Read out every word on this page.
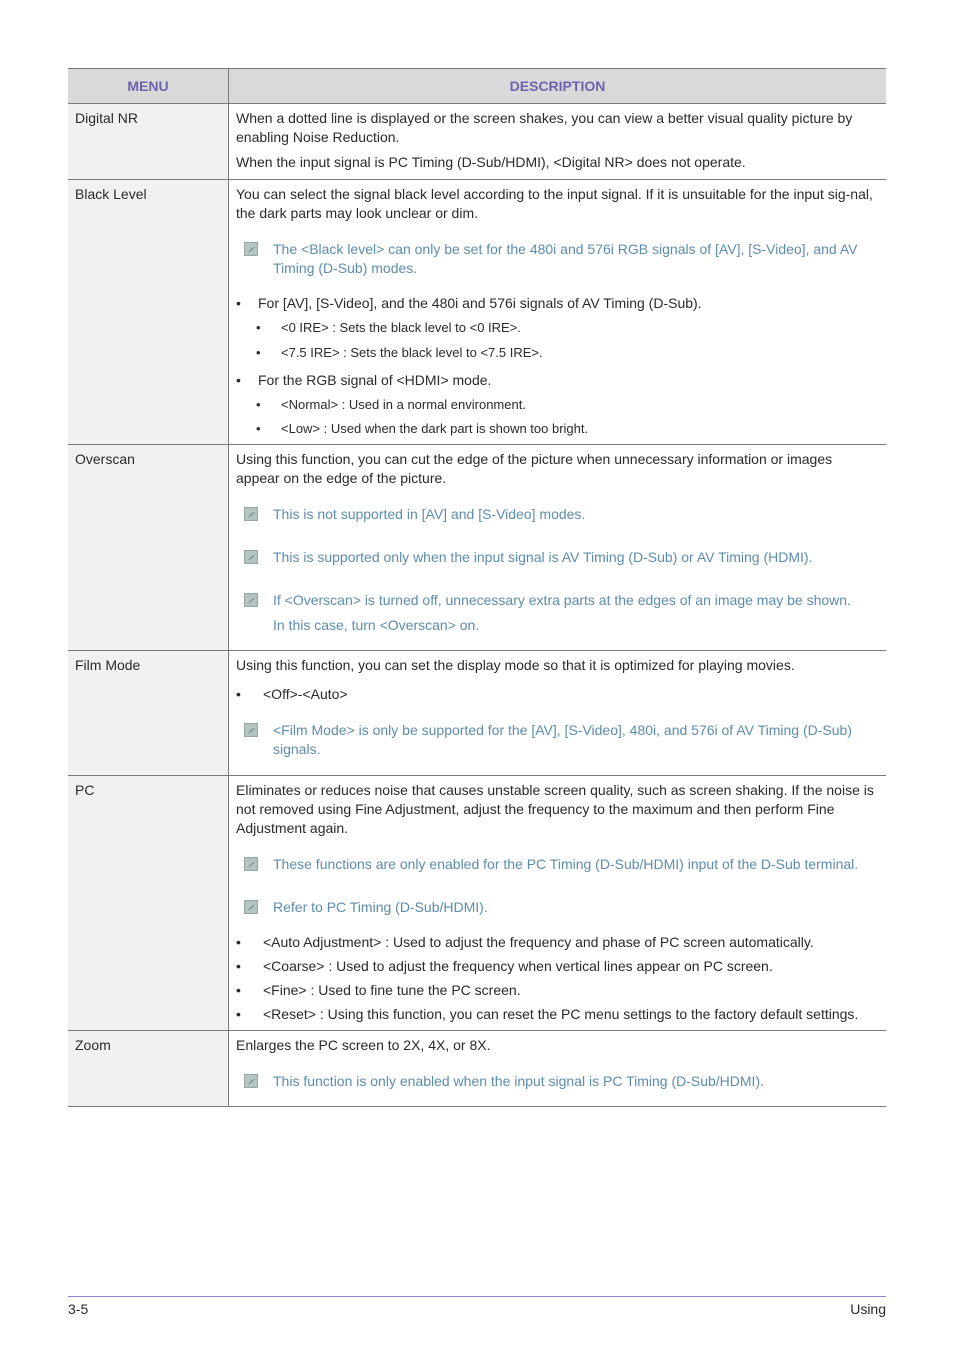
MENU	DESCRIPTION
Digital NR	When a dotted line is displayed or the screen shakes, you can view a better visual quality picture by enabling Noise Reduction.

When the input signal is PC Timing (D-Sub/HDMI), <Digital NR> does not operate.

Black Level	You can select the signal black level according to the input signal. If it is unsuitable for the input sig-nal, the dark parts may look unclear or dim.

The <Black level> can only be set for the 480i and 576i RGB signals of [AV], [S-Video], and AV Timing (D-Sub) modes.
•	For [AV], [S-Video], and the 480i and 576i signals of AV Timing (D-Sub).
•	<0 IRE> : Sets the black level to <0 IRE>.
•	<7.5 IRE> : Sets the black level to <7.5 IRE>.
•	For the RGB signal of <HDMI> mode.
•	<Normal> : Used in a normal environment.
•	<Low> : Used when the dark part is shown too bright.
Overscan	Using this function, you can cut the edge of the picture when unnecessary information or images appear on the edge of the picture.

This is not supported in [AV] and [S-Video] modes.
This is supported only when the input signal is AV Timing (D-Sub) or AV Timing (HDMI).
If <Overscan> is turned off, unnecessary extra parts at the edges of an image may be shown.
In this case, turn <Overscan> on.
Film Mode	Using this function, you can set the display mode so that it is optimized for playing movies.

•	<Off>-<Auto>
<Film Mode> is only be supported for the [AV], [S-Video], 480i, and 576i of AV Timing (D-Sub) signals.
PC	Eliminates or reduces noise that causes unstable screen quality, such as screen shaking. If the noise is not removed using Fine Adjustment, adjust the frequency to the maximum and then perform Fine Adjustment again.

These functions are only enabled for the PC Timing (D-Sub/HDMI) input of the D-Sub terminal.
Refer to PC Timing (D-Sub/HDMI).
•	<Auto Adjustment> : Used to adjust the frequency and phase of PC screen automatically.
•	<Coarse> : Used to adjust the frequency when vertical lines appear on PC screen.
•	<Fine> : Used to fine tune the PC screen.
•	<Reset> : Using this function, you can reset the PC menu settings to the factory default settings.
Zoom	Enlarges the PC screen to 2X, 4X, or 8X.

This function is only enabled when the input signal is PC Timing (D-Sub/HDMI).
3-5	Using
